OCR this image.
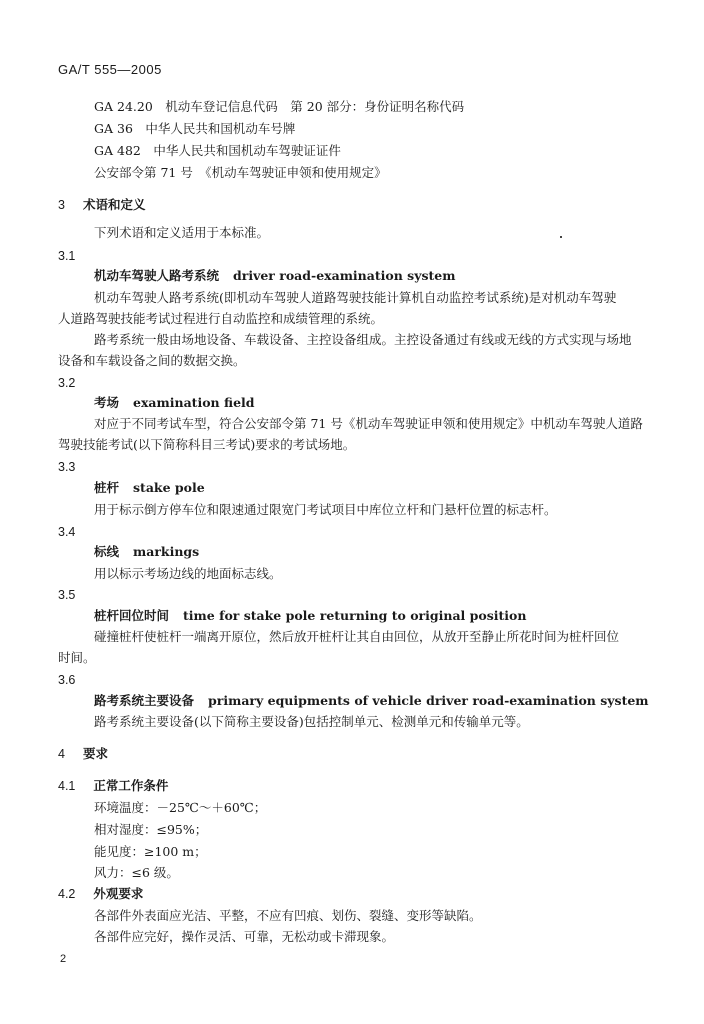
GA/T 555—2005
GA 24.20　机动车登记信息代码　第 20 部分：身份证明名称代码
GA 36　中华人民共和国机动车号牌
GA 482　中华人民共和国机动车驾驶证证件
公安部令第 71 号　《机动车驾驶证申领和使用规定》
3 术语和定义
下列术语和定义适用于本标准。
3.1
机动车驾驶人路考系统 driver road-examination system
机动车驾驶人路考系统(即机动车驾驶人道路驾驶技能计算机自动监控考试系统)是对机动车驾驶
人道路驾驶技能考试过程进行自动监控和成绩管理的系统。
路考系统一般由场地设备、车载设备、主控设备组成。主控设备通过有线或无线的方式实现与场地
设备和车载设备之间的数据交换。
3.2
考场 examination field
对应于不同考试车型，符合公安部令第 71 号《机动车驾驶证申领和使用规定》中机动车驾驶人道路
驾驶技能考试(以下简称科目三考试)要求的考试场地。
3.3
桩杆 stake pole
用于标示倒方停车位和限速通过限宽门考试项目中库位立杆和门悬杆位置的标志杆。
3.4
标线 markings
用以标示考场边线的地面标志线。
3.5
桩杆回位时间 time for stake pole returning to original position
碰撞桩杆使桩杆一端离开原位，然后放开桩杆让其自由回位，从放开至静止所花时间为桩杆回位
时间。
3.6
路考系统主要设备 primary equipments of vehicle driver road-examination system
路考系统主要设备(以下简称主要设备)包括控制单元、检测单元和传输单元等。
4 要求
4.1 正常工作条件
环境温度：－25℃～＋60℃；
相对湿度：≤95%；
能见度：≥100 m；
风力：≤6 级。
4.2 外观要求
各部件外表面应光洁、平整，不应有凹痕、划伤、裂缝、变形等缺陷。
各部件应完好，操作灵活、可靠，无松动或卡滞现象。
2
